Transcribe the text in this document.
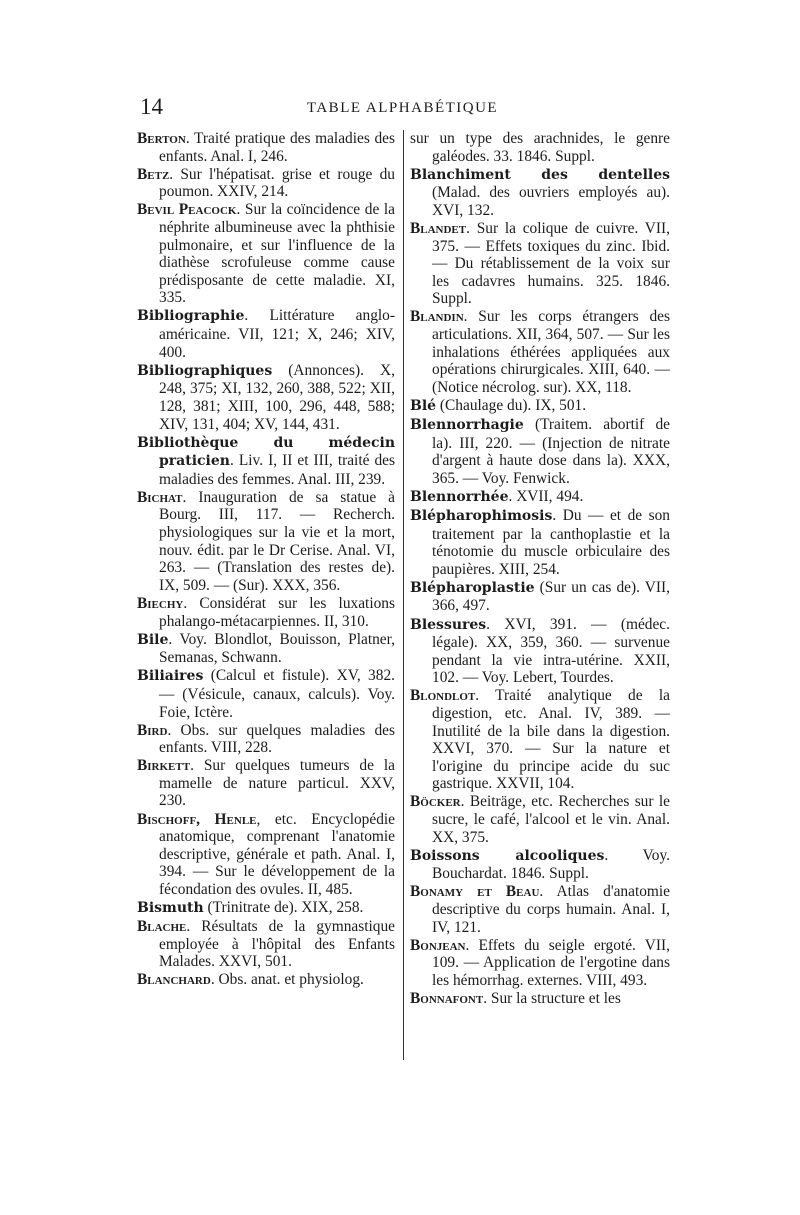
14	TABLE ALPHABÉTIQUE

Berton. Traité pratique des maladies des enfants. Anal. I, 246.

Betz. Sur l'hépatisat. grise et rouge du poumon. XXIV, 214.

Bevil Peacock. Sur la coïncidence de la néphrite albumineuse avec la phthisie pulmonaire, et sur l'influence de la diathèse scrofuleuse comme cause prédisposante de cette maladie. XI, 335.

Bibliographie. Littérature anglo-américaine. VII, 121; X, 246; XIV, 400.

Bibliographiques (Annonces). X, 248, 375; XI, 132, 260, 388, 522; XII, 128, 381; XIII, 100, 296, 448, 588; XIV, 131, 404; XV, 144, 431.

Bibliothèque du médecin praticien. Liv. I, II et III, traité des maladies des femmes. Anal. III, 239.

Bichat. Inauguration de sa statue à Bourg. III, 117. — Recherch. physiologiques sur la vie et la mort, nouv. édit. par le Dr Cerise. Anal. VI, 263. — (Translation des restes de). IX, 509. — (Sur). XXX, 356.

Biechy. Considérat sur les luxations phalango-métacarpiennes. II, 310.

Bile. Voy. Blondlot, Bouisson, Platner, Semanas, Schwann.

Biliaires (Calcul et fistule). XV, 382. — (Vésicule, canaux, calculs). Voy. Foie, Ictère.

Bird. Obs. sur quelques maladies des enfants. VIII, 228.

Birkett. Sur quelques tumeurs de la mamelle de nature particul. XXV, 230.

Bischoff, Henle, etc. Encyclopédie anatomique, comprenant l'anatomie descriptive, générale et path. Anal. I, 394. — Sur le développement de la fécondation des ovules. II, 485.

Bismuth (Trinitrate de). XIX, 258.

Blache. Résultats de la gymnastique employée à l'hôpital des Enfants Malades. XXVI, 501.

Blanchard. Obs. anat. et physiolog.

sur un type des arachnides, le genre galéodes. 33. 1846. Suppl.

Blanchiment des dentelles (Malad. des ouvriers employés au). XVI, 132.

Blandet. Sur la colique de cuivre. VII, 375. — Effets toxiques du zinc. Ibid. — Du rétablissement de la voix sur les cadavres humains. 325. 1846. Suppl.

Blandin. Sur les corps étrangers des articulations. XII, 364, 507. — Sur les inhalations éthérées appliquées aux opérations chirurgicales. XIII, 640. — (Notice nécrolog. sur). XX, 118.

Blé (Chaulage du). IX, 501.

Blennorrhagie (Traitem. abortif de la). III, 220. — (Injection de nitrate d'argent à haute dose dans la). XXX, 365. — Voy. Fenwick.

Blennorrhée. XVII, 494.

Blépharophimosis. Du — et de son traitement par la canthoplastie et la ténotomie du muscle orbiculaire des paupières. XIII, 254.

Blépharoplastie (Sur un cas de). VII, 366, 497.

Blessures. XVI, 391. — (médec. légale). XX, 359, 360. — survenue pendant la vie intra-utérine. XXII, 102. — Voy. Lebert, Tourdes.

Blondlot. Traité analytique de la digestion, etc. Anal. IV, 389. — Inutilité de la bile dans la digestion. XXVI, 370. — Sur la nature et l'origine du principe acide du suc gastrique. XXVII, 104.

Böcker. Beiträge, etc. Recherches sur le sucre, le café, l'alcool et le vin. Anal. XX, 375.

Boissons alcooliques. Voy. Bouchardat. 1846. Suppl.

Bonamy et Beau. Atlas d'anatomie descriptive du corps humain. Anal. I, IV, 121.

Bonjean. Effets du seigle ergoté. VII, 109. — Application de l'ergotine dans les hémorrhag. externes. VIII, 493.

Bonnafont. Sur la structure et les
